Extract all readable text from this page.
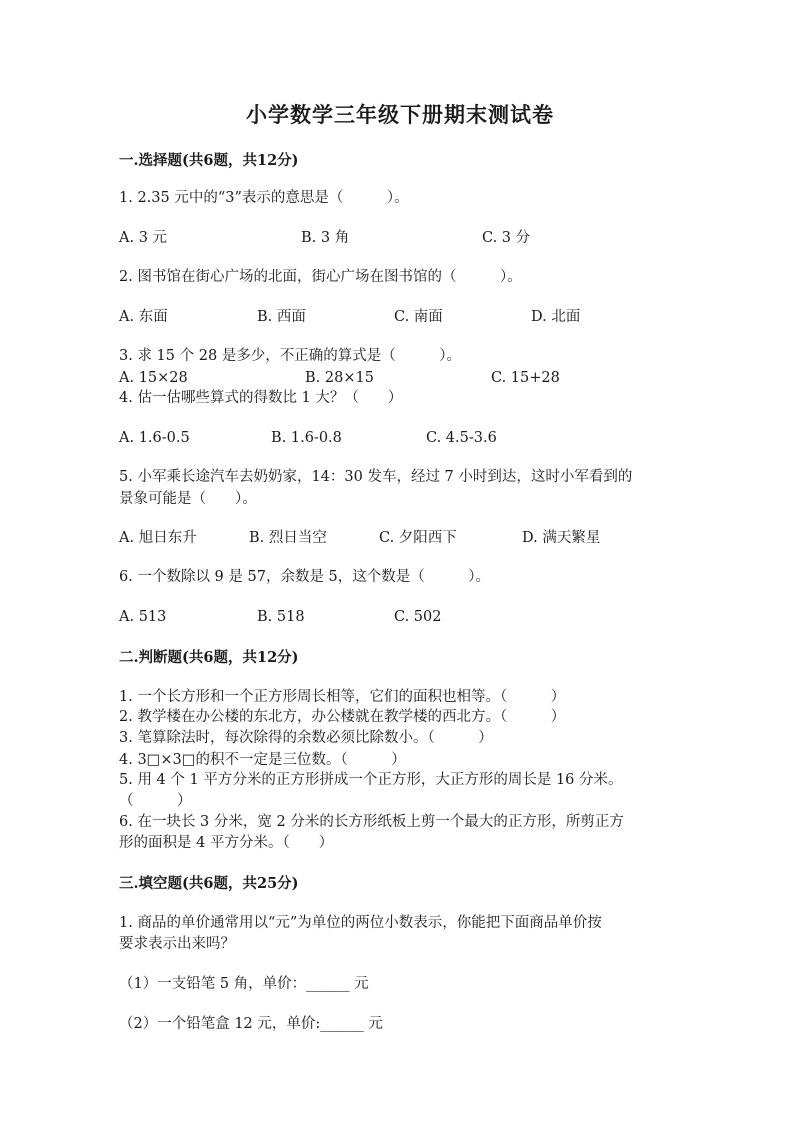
小学数学三年级下册期末测试卷
一.选择题(共6题，共12分)
1. 2.35 元中的“3”表示的意思是（　　　）。
A. 3 元	B. 3 角	C. 3 分
2. 图书馆在街心广场的北面，街心广场在图书馆的（　　　）。
A. 东面	B. 西面	C. 南面	D. 北面
3. 求 15 个 28 是多少，不正确的算式是（　　　）。
A. 15×28	B. 28×15	C. 15+28
4. 估一估哪些算式的得数比 1 大？（　　）
A. 1.6-0.5	B. 1.6-0.8	C. 4.5-3.6
5. 小军乘长途汽车去奶奶家，14：30 发车，经过 7 小时到达，这时小军看到的
景象可能是（　　）。
A. 旭日东升	B. 烈日当空	C. 夕阳西下	D. 满天繁星
6. 一个数除以 9 是 57，余数是 5，这个数是（　　　）。
A. 513	B. 518	C. 502
二.判断题(共6题，共12分)
1. 一个长方形和一个正方形周长相等，它们的面积也相等。（　　　）
2. 教学楼在办公楼的东北方，办公楼就在教学楼的西北方。（　　　）
3. 笔算除法时，每次除得的余数必须比除数小。（　　　）
4. 3□×3□的积不一定是三位数。（　　　）
5. 用 4 个 1 平方分米的正方形拼成一个正方形，大正方形的周长是 16 分米。
（　　　）
6. 在一块长 3 分米，宽 2 分米的长方形纸板上剪一个最大的正方形，所剪正方
形的面积是 4 平方分米。（　　）
三.填空题(共6题，共25分)
1. 商品的单价通常用以“元”为单位的两位小数表示，你能把下面商品单价按
要求表示出来吗？
（1）一支铅笔 5 角，单价：______ 元
（2）一个铅笔盒 12 元，单价:______ 元
